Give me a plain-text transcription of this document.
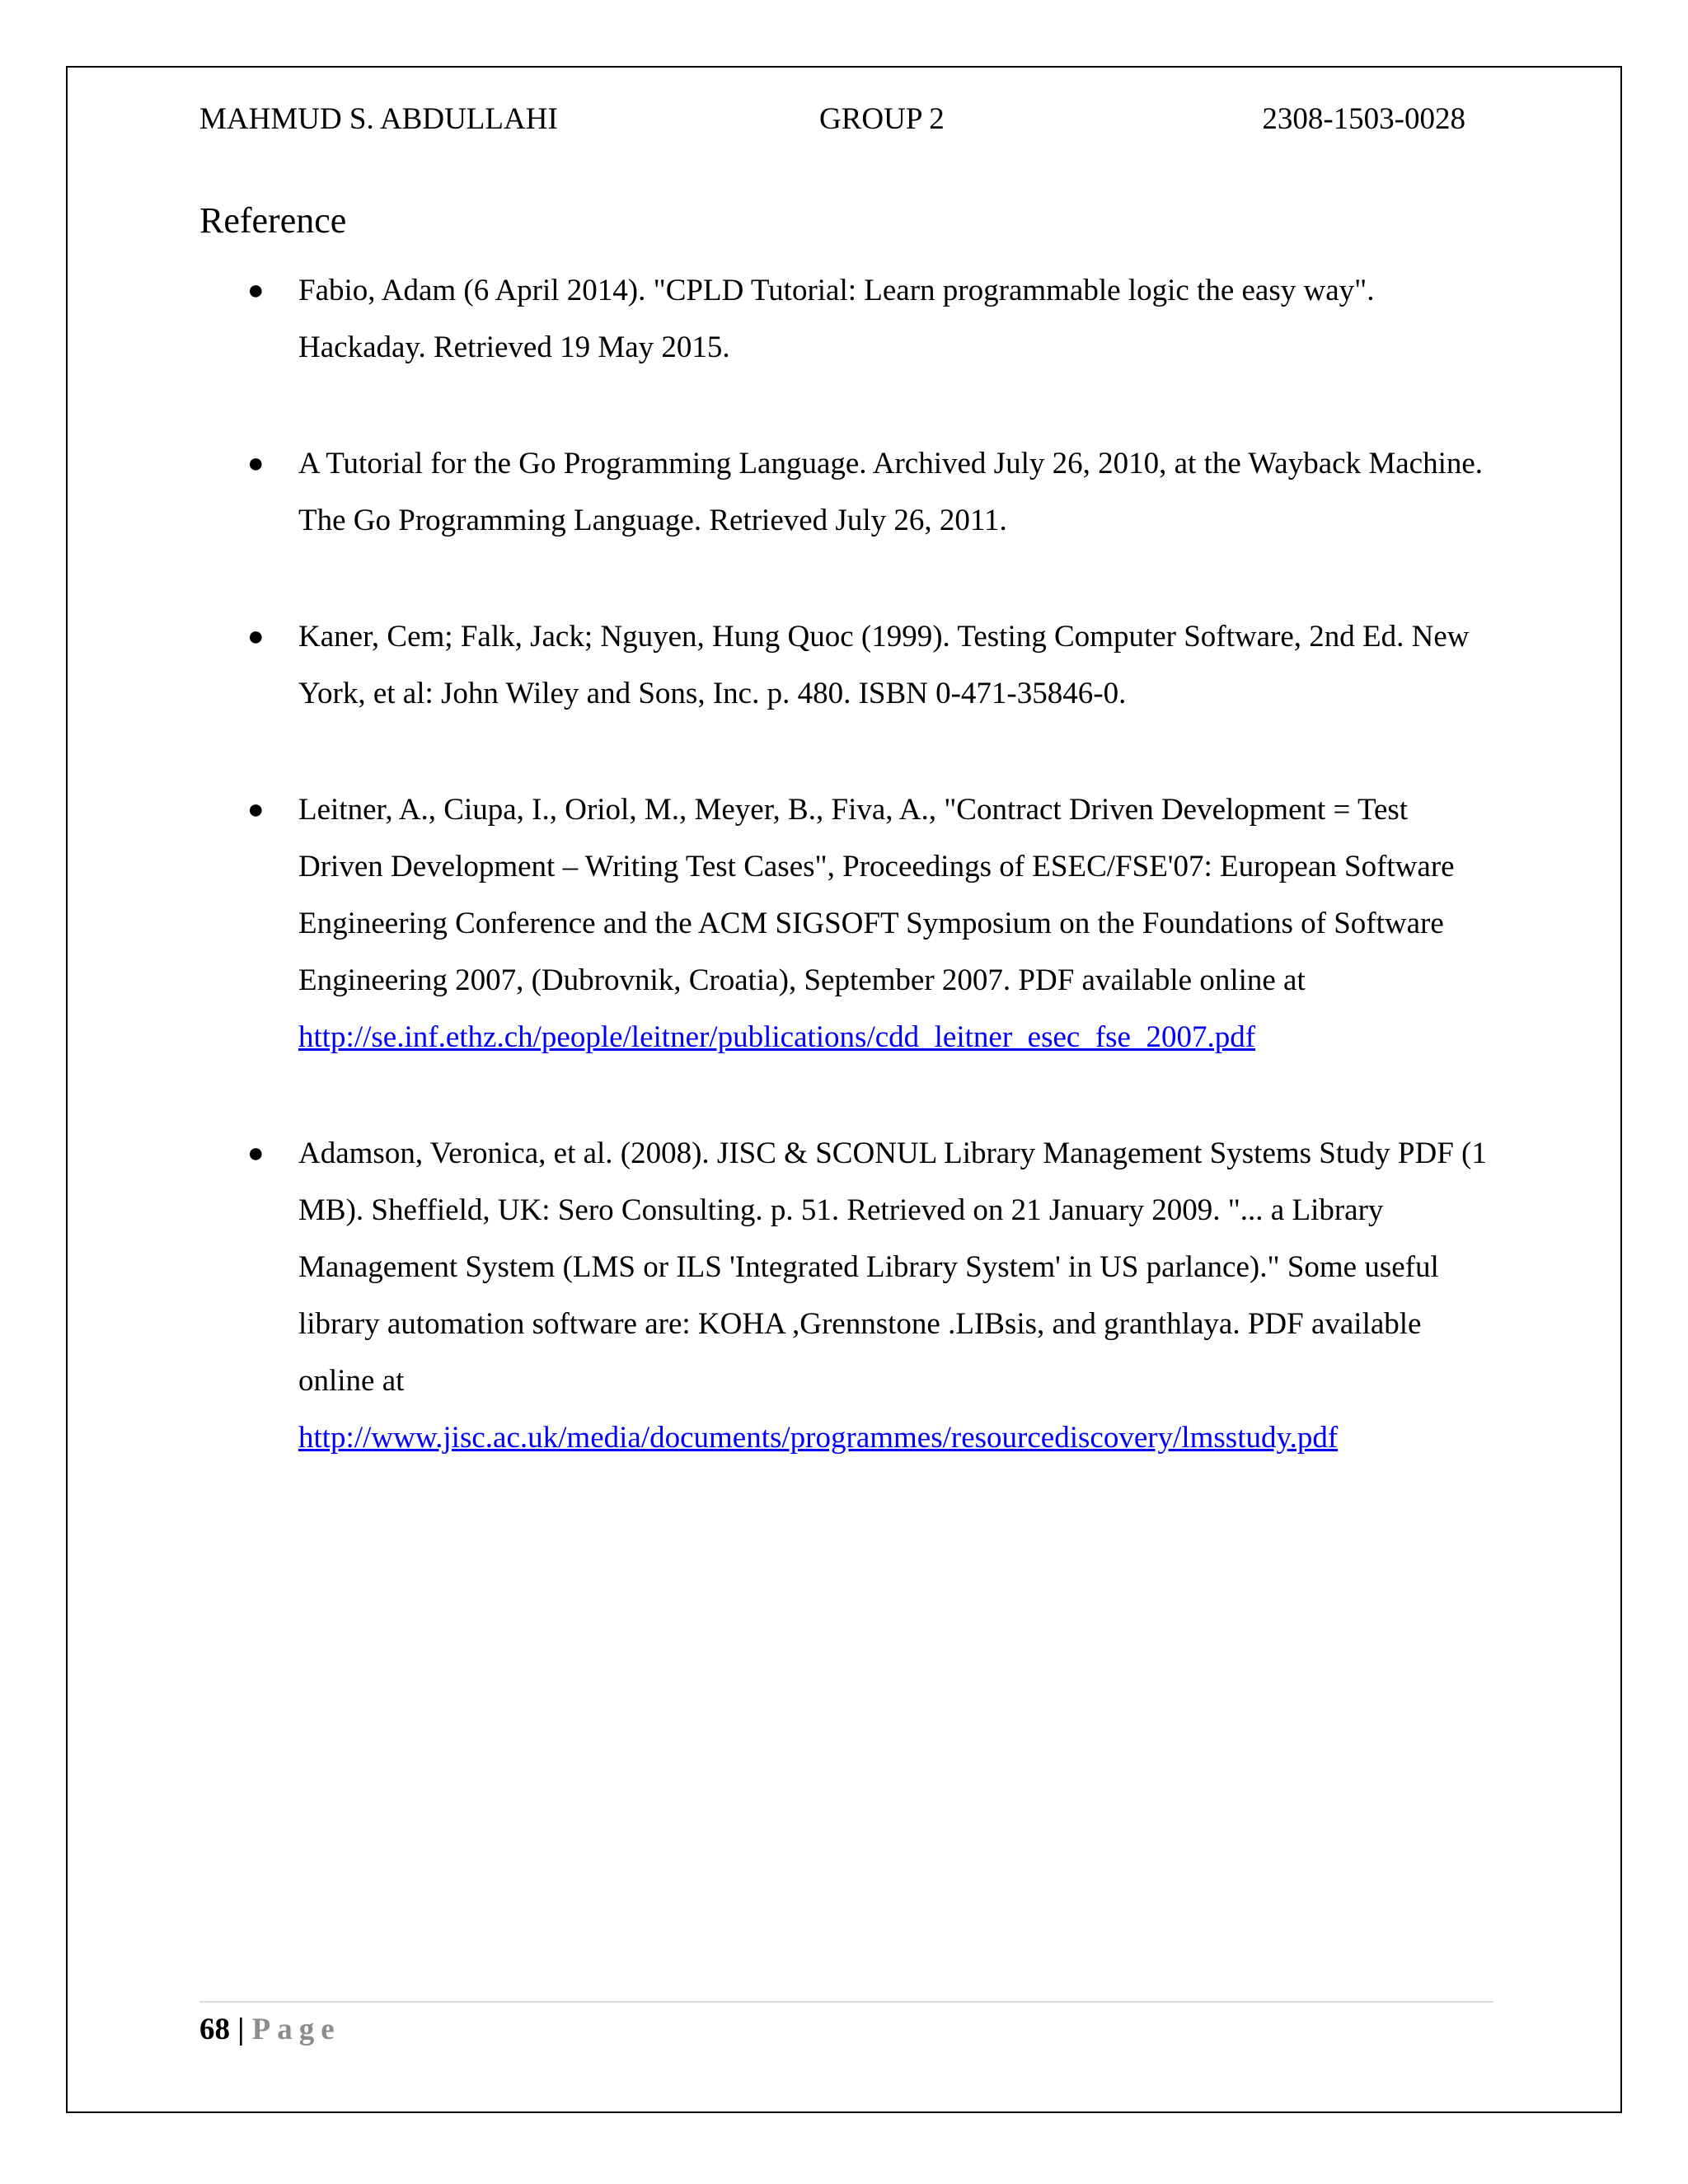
MAHMUD S. ABDULLAHI	GROUP 2	2308-1503-0028
Reference
● Fabio, Adam (6 April 2014). "CPLD Tutorial: Learn programmable logic the easy way". Hackaday. Retrieved 19 May 2015.
● A Tutorial for the Go Programming Language. Archived July 26, 2010, at the Wayback Machine. The Go Programming Language. Retrieved July 26, 2011.
● Kaner, Cem; Falk, Jack; Nguyen, Hung Quoc (1999). Testing Computer Software, 2nd Ed. New York, et al: John Wiley and Sons, Inc. p. 480. ISBN 0-471-35846-0.
● Leitner, A., Ciupa, I., Oriol, M., Meyer, B., Fiva, A., "Contract Driven Development = Test Driven Development – Writing Test Cases", Proceedings of ESEC/FSE'07: European Software Engineering Conference and the ACM SIGSOFT Symposium on the Foundations of Software Engineering 2007, (Dubrovnik, Croatia), September 2007. PDF available online at
http://se.inf.ethz.ch/people/leitner/publications/cdd_leitner_esec_fse_2007.pdf
● Adamson, Veronica, et al. (2008). JISC & SCONUL Library Management Systems Study PDF (1 MB). Sheffield, UK: Sero Consulting. p. 51. Retrieved on 21 January 2009. "... a Library Management System (LMS or ILS 'Integrated Library System' in US parlance)." Some useful library automation software are: KOHA ,Grennstone .LIBsis, and granthlaya. PDF available online at
http://www.jisc.ac.uk/media/documents/programmes/resourcediscovery/lmsstudy.pdf
68 | Page
